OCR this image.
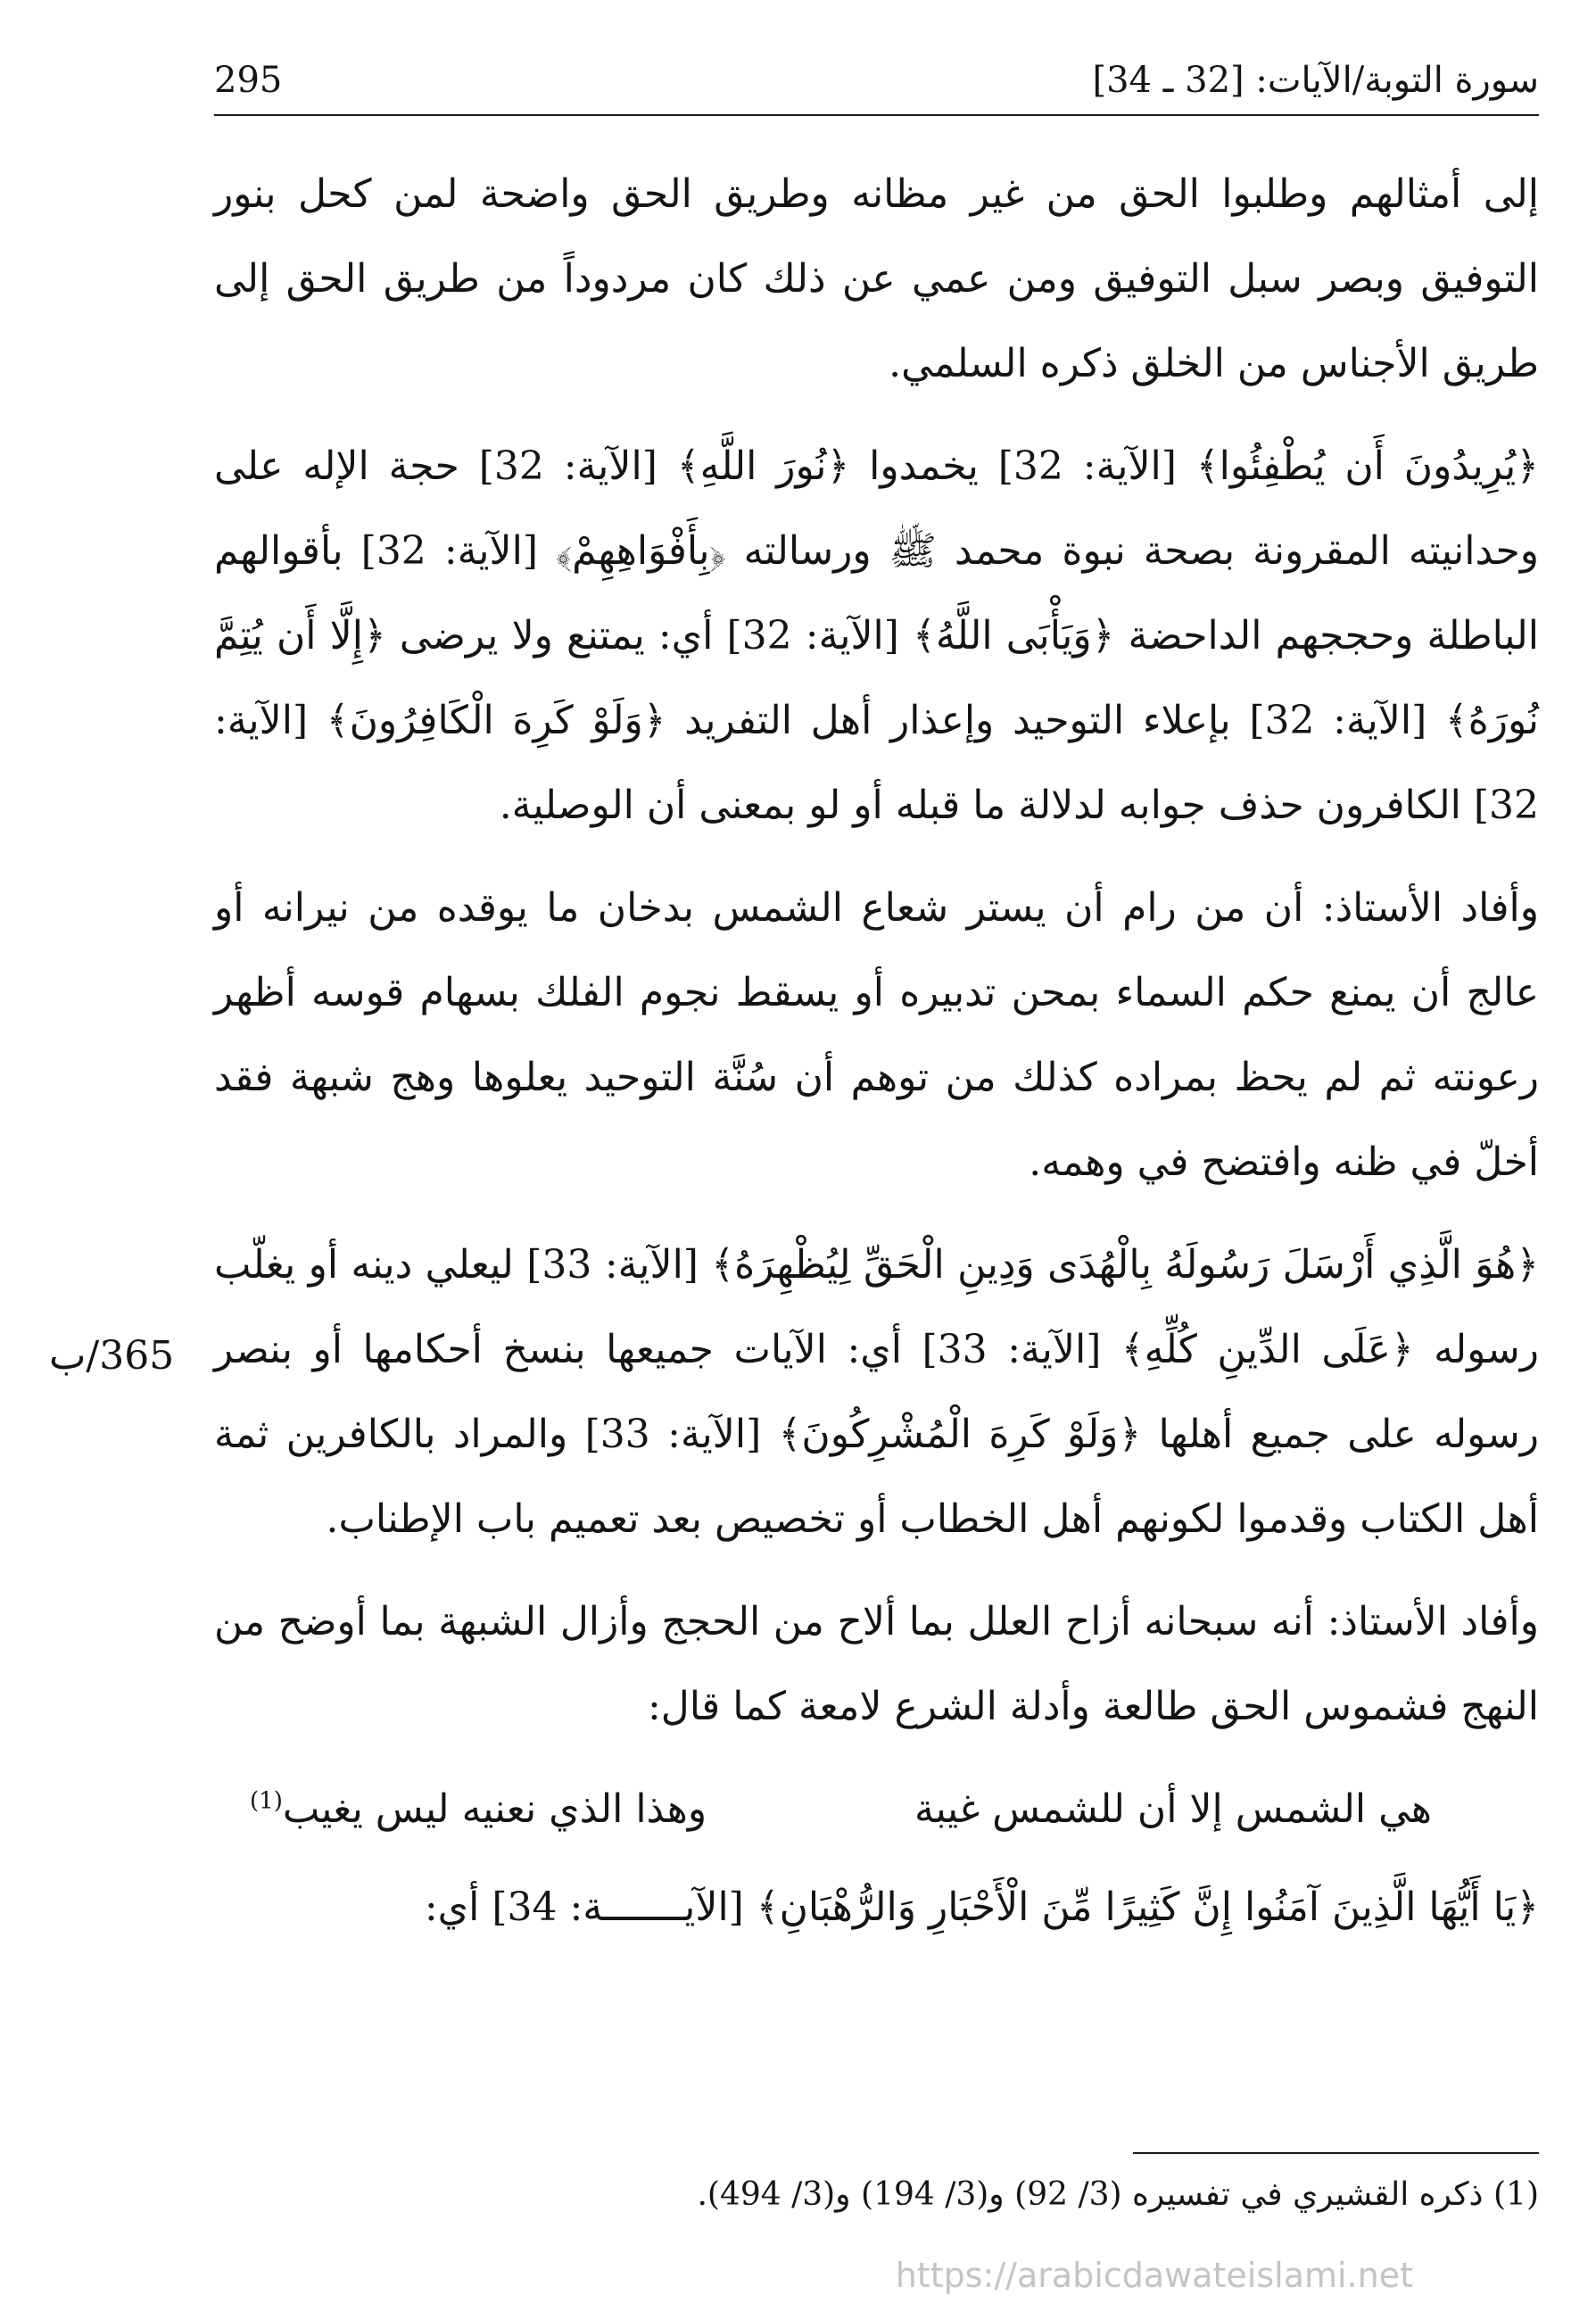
295	سورة التوبة/الآيات: [32 ـ 34]

إلى أمثالهم وطلبوا الحق من غير مظانه وطريق الحق واضحة لمن كحل بنور التوفيق وبصر سبل التوفيق ومن عمي عن ذلك كان مردوداً من طريق الحق إلى طريق الأجناس من الخلق ذكره السلمي.

﴿يُرِيدُونَ أَن يُطْفِئُوا﴾ [الآية: 32] يخمدوا ﴿نُورَ اللَّهِ﴾ [الآية: 32] حجة الإله على وحدانيته المقرونة بصحة نبوة محمد ﷺ ورسالته ﴿بِأَفْوَاهِهِمْ﴾ [الآية: 32] بأقوالهم الباطلة وحججهم الداحضة ﴿وَيَأْبَى اللَّهُ﴾ [الآية: 32] أي: يمتنع ولا يرضى ﴿إِلَّا أَن يُتِمَّ نُورَهُ﴾ [الآية: 32] بإعلاء التوحيد وإعذار أهل التفريد ﴿وَلَوْ كَرِهَ الْكَافِرُونَ﴾ [الآية: 32] الكافرون حذف جوابه لدلالة ما قبله أو لو بمعنى أن الوصلية.

وأفاد الأستاذ: أن من رام أن يستر شعاع الشمس بدخان ما يوقده من نيرانه أو عالج أن يمنع حكم السماء بمحن تدبيره أو يسقط نجوم الفلك بسهام قوسه أظهر رعونته ثم لم يحظ بمراده كذلك من توهم أن سُنَّة التوحيد يعلوها وهج شبهة فقد أخلّ في ظنه وافتضح في وهمه.

﴿هُوَ الَّذِي أَرْسَلَ رَسُولَهُ بِالْهُدَى وَدِينِ الْحَقِّ لِيُظْهِرَهُ﴾ [الآية: 33] ليعلي دينه أو يغلّب رسوله ﴿عَلَى الدِّينِ كُلِّهِ﴾ [الآية: 33] أي: الآيات جميعها بنسخ أحكامها أو بنصر رسوله على جميع أهلها ﴿وَلَوْ كَرِهَ الْمُشْرِكُونَ﴾ [الآية: 33] والمراد بالكافرين ثمة أهل الكتاب وقدموا لكونهم أهل الخطاب أو تخصيص بعد تعميم باب الإطناب.

وأفاد الأستاذ: أنه سبحانه أزاح العلل بما ألاح من الحجج وأزال الشبهة بما أوضح من النهج فشموس الحق طالعة وأدلة الشرع لامعة كما قال:

هي الشمس إلا أن للشمس غيبة
وهذا الذي نعنيه ليس يغيب$^{(1)}$

﴿يَا أَيُّهَا الَّذِينَ آمَنُوا إِنَّ كَثِيرًا مِّنَ الْأَحْبَارِ وَالرُّهْبَانِ﴾ [الآيـــــــة: 34] أي:

365/ب
(1) ذكره القشيري في تفسيره (3/ 92) و(3/ 194) و(3/ 494).
https://arabicdawateislami.net
